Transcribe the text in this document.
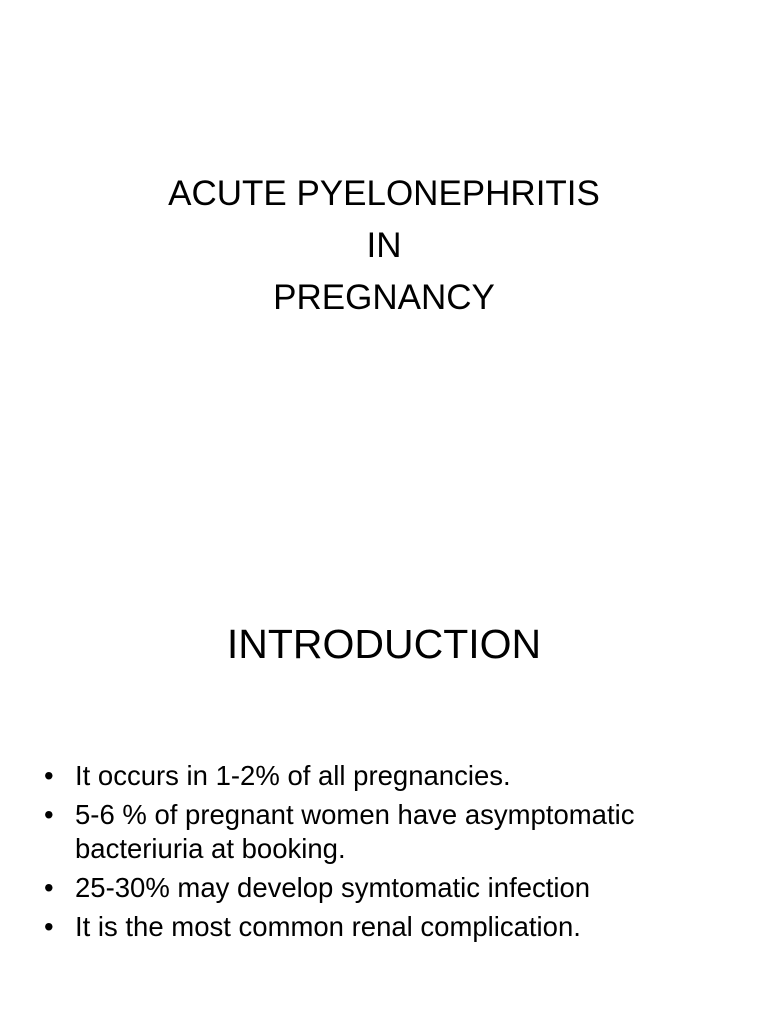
ACUTE PYELONEPHRITIS
IN
PREGNANCY
INTRODUCTION
• It occurs in 1-2% of all pregnancies.
• 5-6 % of pregnant women have asymptomatic bacteriuria at booking.
• 25-30% may develop symtomatic infection
• It is the most common renal complication.
